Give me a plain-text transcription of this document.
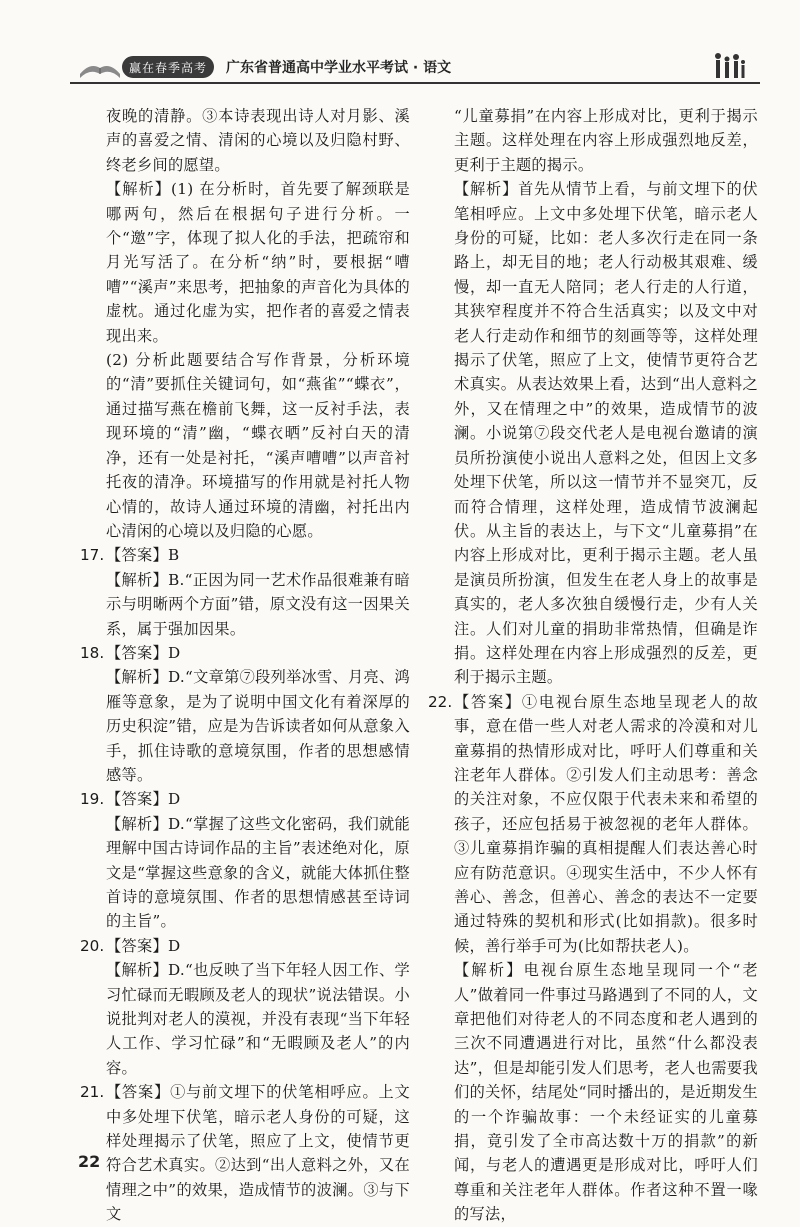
赢在春季高考	广东省普通高中学业水平考试 · 语文

夜晚的清静。③本诗表现出诗人对月影、溪声的喜爱之情、清闲的心境以及归隐村野、终老乡间的愿望。

【解析】(1) 在分析时，首先要了解颈联是哪两句，然后在根据句子进行分析。一个“邀”字，体现了拟人化的手法，把疏帘和月光写活了。在分析“纳”时，要根据“嘈嘈”“溪声”来思考，把抽象的声音化为具体的虚枕。通过化虚为实，把作者的喜爱之情表现出来。

(2) 分析此题要结合写作背景，分析环境的“清”要抓住关键词句，如“燕雀”“蝶衣”，通过描写燕在檐前飞舞，这一反衬手法，表现环境的“清”幽，“蝶衣晒”反衬白天的清净，还有一处是衬托，“溪声嘈嘈”以声音衬托夜的清净。环境描写的作用就是衬托人物心情的，故诗人通过环境的清幽，衬托出内心清闲的心境以及归隐的心愿。

17. 【答案】B

【解析】B.“正因为同一艺术作品很难兼有暗示与明晰两个方面”错，原文没有这一因果关系，属于强加因果。

18. 【答案】D

【解析】D.“文章第⑦段列举冰雪、月亮、鸿雁等意象，是为了说明中国文化有着深厚的历史积淀”错，应是为告诉读者如何从意象入手，抓住诗歌的意境氛围，作者的思想感情感等。

19. 【答案】D

【解析】D.“掌握了这些文化密码，我们就能理解中国古诗词作品的主旨”表述绝对化，原文是“掌握这些意象的含义，就能大体抓住整首诗的意境氛围、作者的思想情感甚至诗词的主旨”。

20. 【答案】D

【解析】D.“也反映了当下年轻人因工作、学习忙碌而无暇顾及老人的现状”说法错误。小说批判对老人的漠视，并没有表现“当下年轻人工作、学习忙碌”和“无暇顾及老人”的内容。

21. 【答案】①与前文埋下的伏笔相呼应。上文中多处埋下伏笔，暗示老人身份的可疑，这样处理揭示了伏笔，照应了上文，使情节更符合艺术真实。②达到“出人意料之外，又在情理之中”的效果，造成情节的波澜。③与下文

“儿童募捐”在内容上形成对比，更利于揭示主题。这样处理在内容上形成强烈地反差，更利于主题的揭示。

【解析】首先从情节上看，与前文埋下的伏笔相呼应。上文中多处埋下伏笔，暗示老人身份的可疑，比如：老人多次行走在同一条路上，却无目的地；老人行动极其艰难、缓慢，却一直无人陪同；老人行走的人行道，其狭窄程度并不符合生活真实；以及文中对老人行走动作和细节的刻画等等，这样处理揭示了伏笔，照应了上文，使情节更符合艺术真实。从表达效果上看，达到“出人意料之外，又在情理之中”的效果，造成情节的波澜。小说第⑦段交代老人是电视台邀请的演员所扮演使小说出人意料之处，但因上文多处埋下伏笔，所以这一情节并不显突兀，反而符合情理，这样处理，造成情节波澜起伏。从主旨的表达上，与下文“儿童募捐”在内容上形成对比，更利于揭示主题。老人虽是演员所扮演，但发生在老人身上的故事是真实的，老人多次独自缓慢行走，少有人关注。人们对儿童的捐助非常热情，但确是诈捐。这样处理在内容上形成强烈的反差，更利于揭示主题。

22. 【答案】①电视台原生态地呈现老人的故事，意在借一些人对老人需求的冷漠和对儿童募捐的热情形成对比，呼吁人们尊重和关注老年人群体。②引发人们主动思考：善念的关注对象，不应仅限于代表未来和希望的孩子，还应包括易于被忽视的老年人群体。③儿童募捐诈骗的真相提醒人们表达善心时应有防范意识。④现实生活中，不少人怀有善心、善念，但善心、善念的表达不一定要通过特殊的契机和形式(比如捐款)。很多时候，善行举手可为(比如帮扶老人)。

【解析】电视台原生态地呈现同一个“老人”做着同一件事过马路遇到了不同的人，文章把他们对待老人的不同态度和老人遇到的三次不同遭遇进行对比，虽然“什么都没表达”，但是却能引发人们思考，老人也需要我们的关怀，结尾处“同时播出的，是近期发生的一个诈骗故事：一个未经证实的儿童募捐，竟引发了全市高达数十万的捐款”的新闻，与老人的遭遇更是形成对比，呼吁人们尊重和关注老年人群体。作者这种不置一喙的写法，

22
